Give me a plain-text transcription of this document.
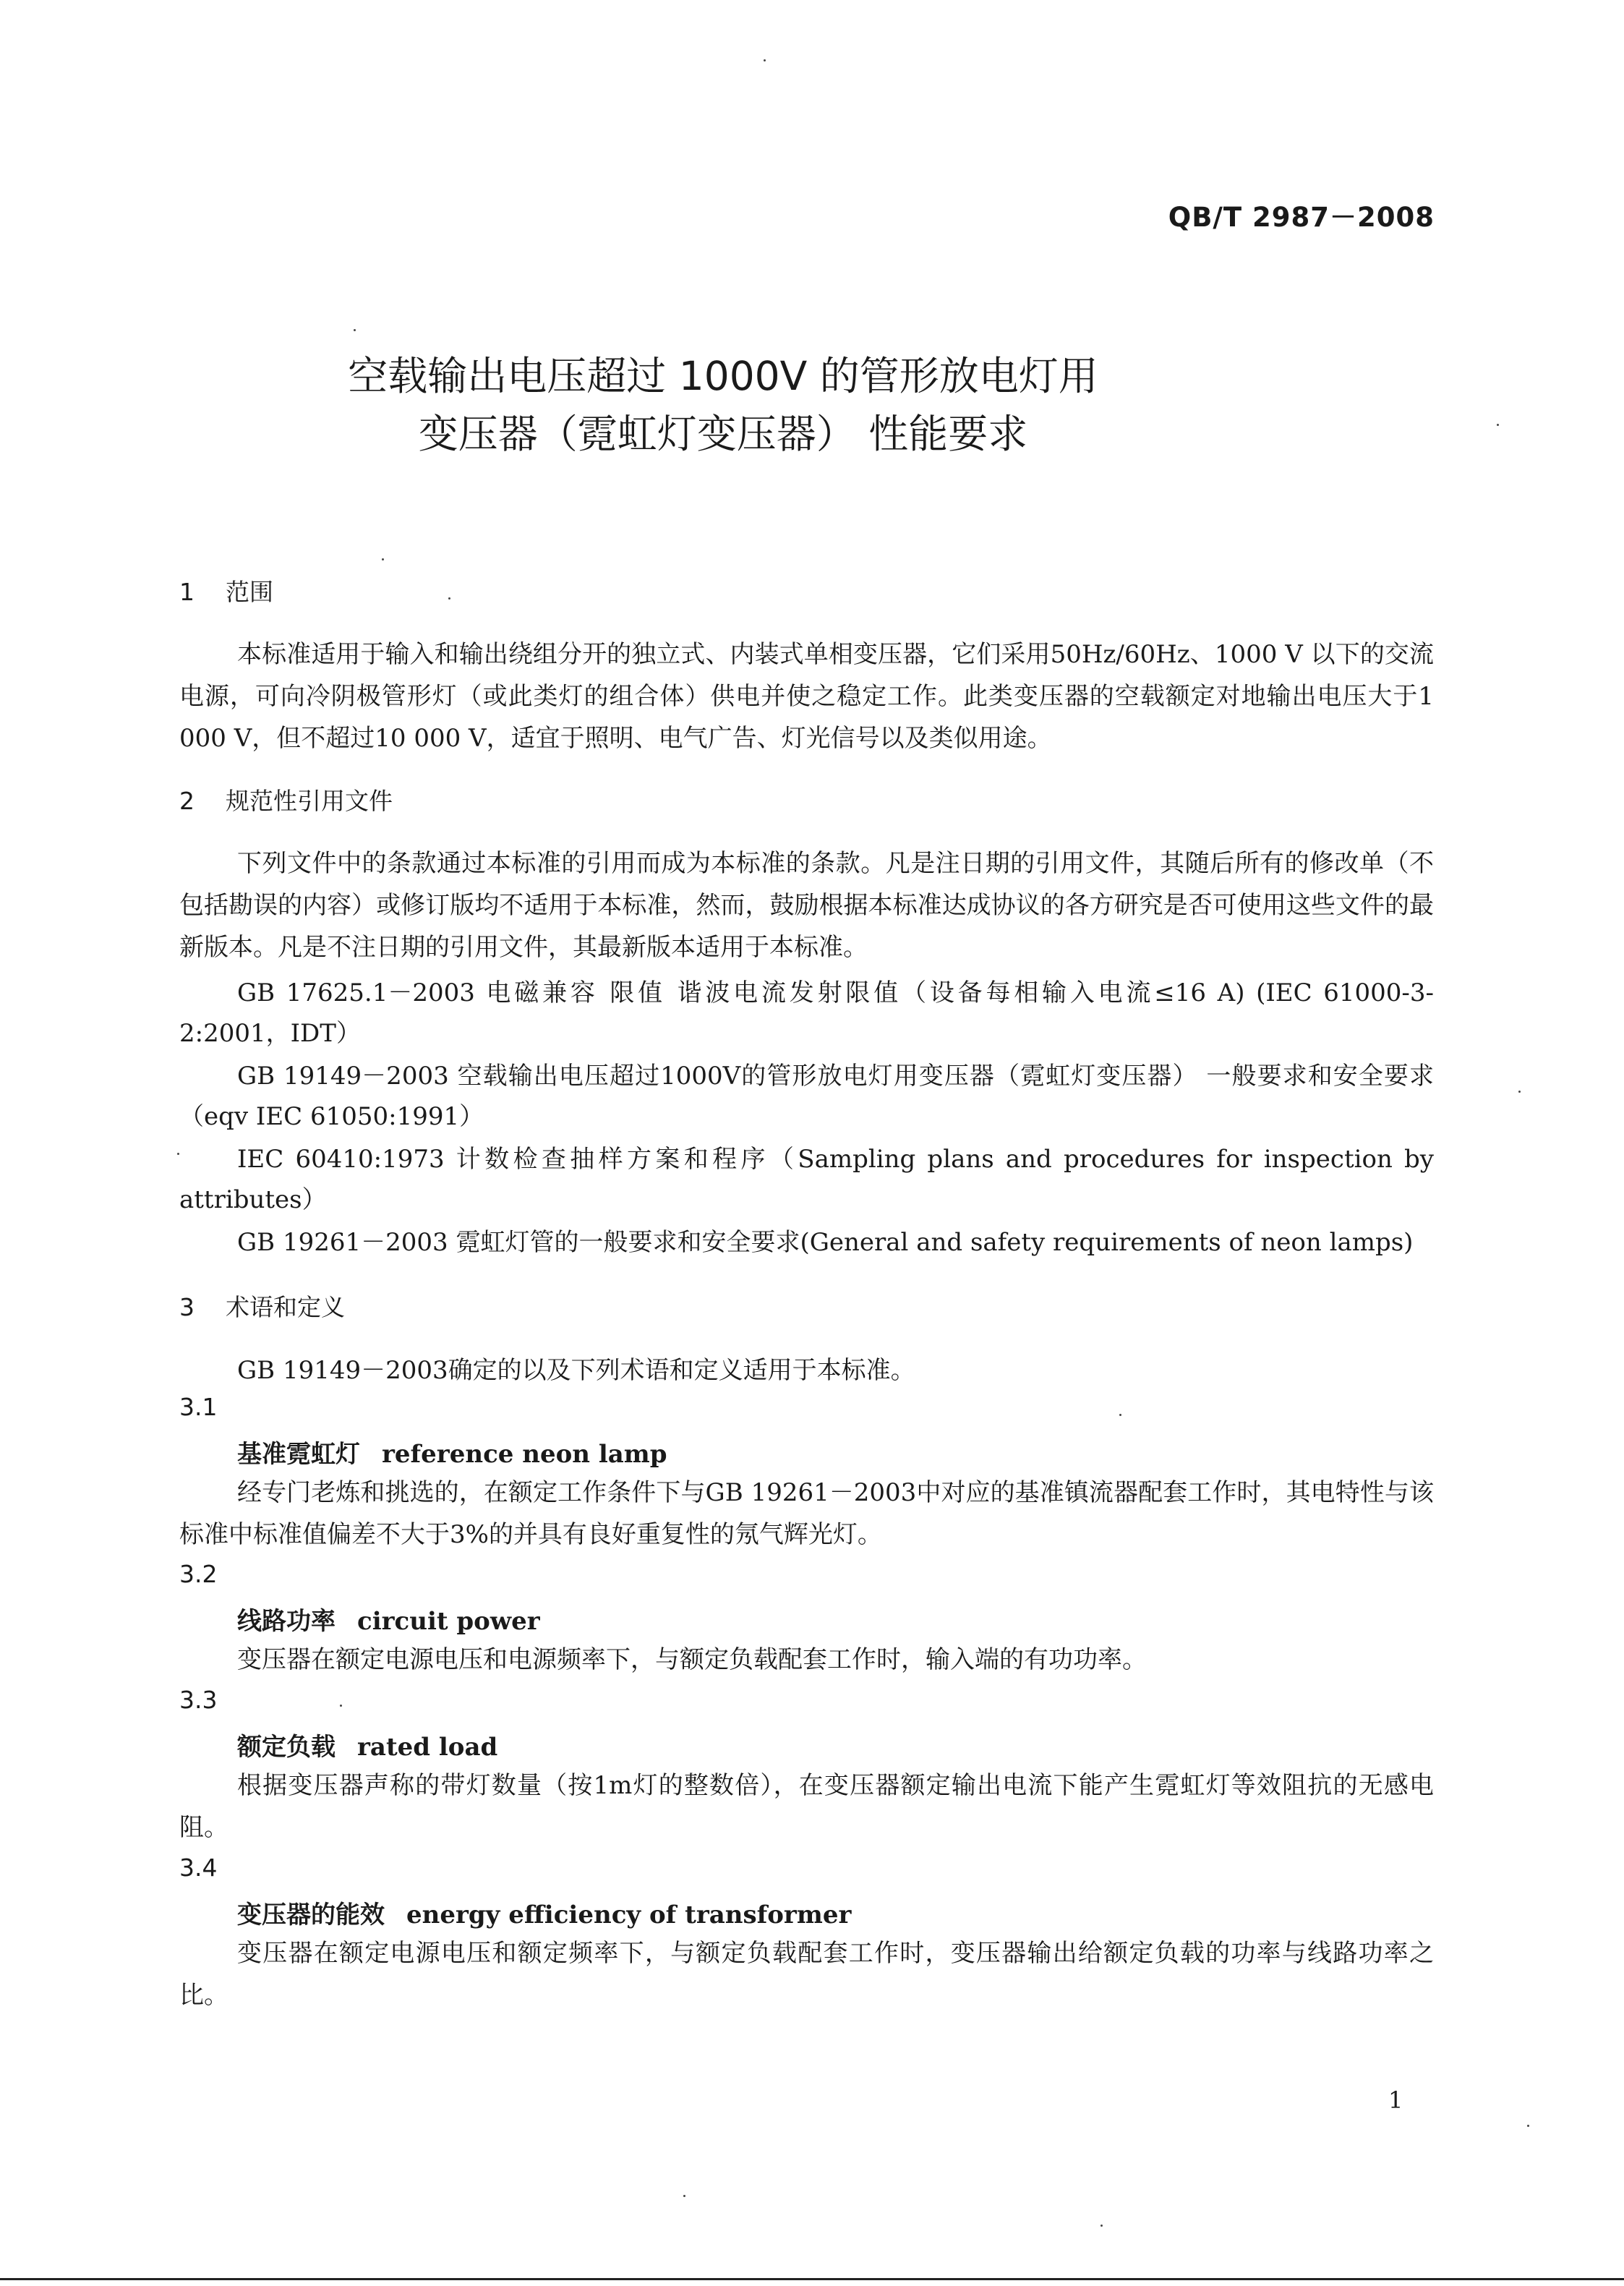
QB/T 2987－2008
空载输出电压超过 1000V 的管形放电灯用
变压器（霓虹灯变压器） 性能要求
1 范围
本标准适用于输入和输出绕组分开的独立式、内装式单相变压器，它们采用50Hz/60Hz、1000 V 以下的交流电源，可向冷阴极管形灯（或此类灯的组合体）供电并使之稳定工作。此类变压器的空载额定对地输出电压大于1 000 V，但不超过10 000 V，适宜于照明、电气广告、灯光信号以及类似用途。
2 规范性引用文件
下列文件中的条款通过本标准的引用而成为本标准的条款。凡是注日期的引用文件，其随后所有的修改单（不包括勘误的内容）或修订版均不适用于本标准，然而，鼓励根据本标准达成协议的各方研究是否可使用这些文件的最新版本。凡是不注日期的引用文件，其最新版本适用于本标准。
GB 17625.1－2003 电磁兼容 限值 谐波电流发射限值（设备每相输入电流≤16 A) (IEC 61000-3-2:2001，IDT）
GB 19149－2003 空载输出电压超过1000V的管形放电灯用变压器（霓虹灯变压器） 一般要求和安全要求（eqv IEC 61050:1991）
IEC 60410:1973 计数检查抽样方案和程序（Sampling plans and procedures for inspection by attributes）
GB 19261－2003 霓虹灯管的一般要求和安全要求(General and safety requirements of neon lamps)
3 术语和定义
GB 19149－2003确定的以及下列术语和定义适用于本标准。
3.1
基准霓虹灯 reference neon lamp
经专门老炼和挑选的，在额定工作条件下与GB 19261－2003中对应的基准镇流器配套工作时，其电特性与该标准中标准值偏差不大于3%的并具有良好重复性的氖气辉光灯。
3.2
线路功率 circuit power
变压器在额定电源电压和电源频率下，与额定负载配套工作时，输入端的有功功率。
3.3
额定负载 rated load
根据变压器声称的带灯数量（按1m灯的整数倍），在变压器额定输出电流下能产生霓虹灯等效阻抗的无感电阻。
3.4
变压器的能效 energy efficiency of transformer
变压器在额定电源电压和额定频率下，与额定负载配套工作时，变压器输出给额定负载的功率与线路功率之比。
1
